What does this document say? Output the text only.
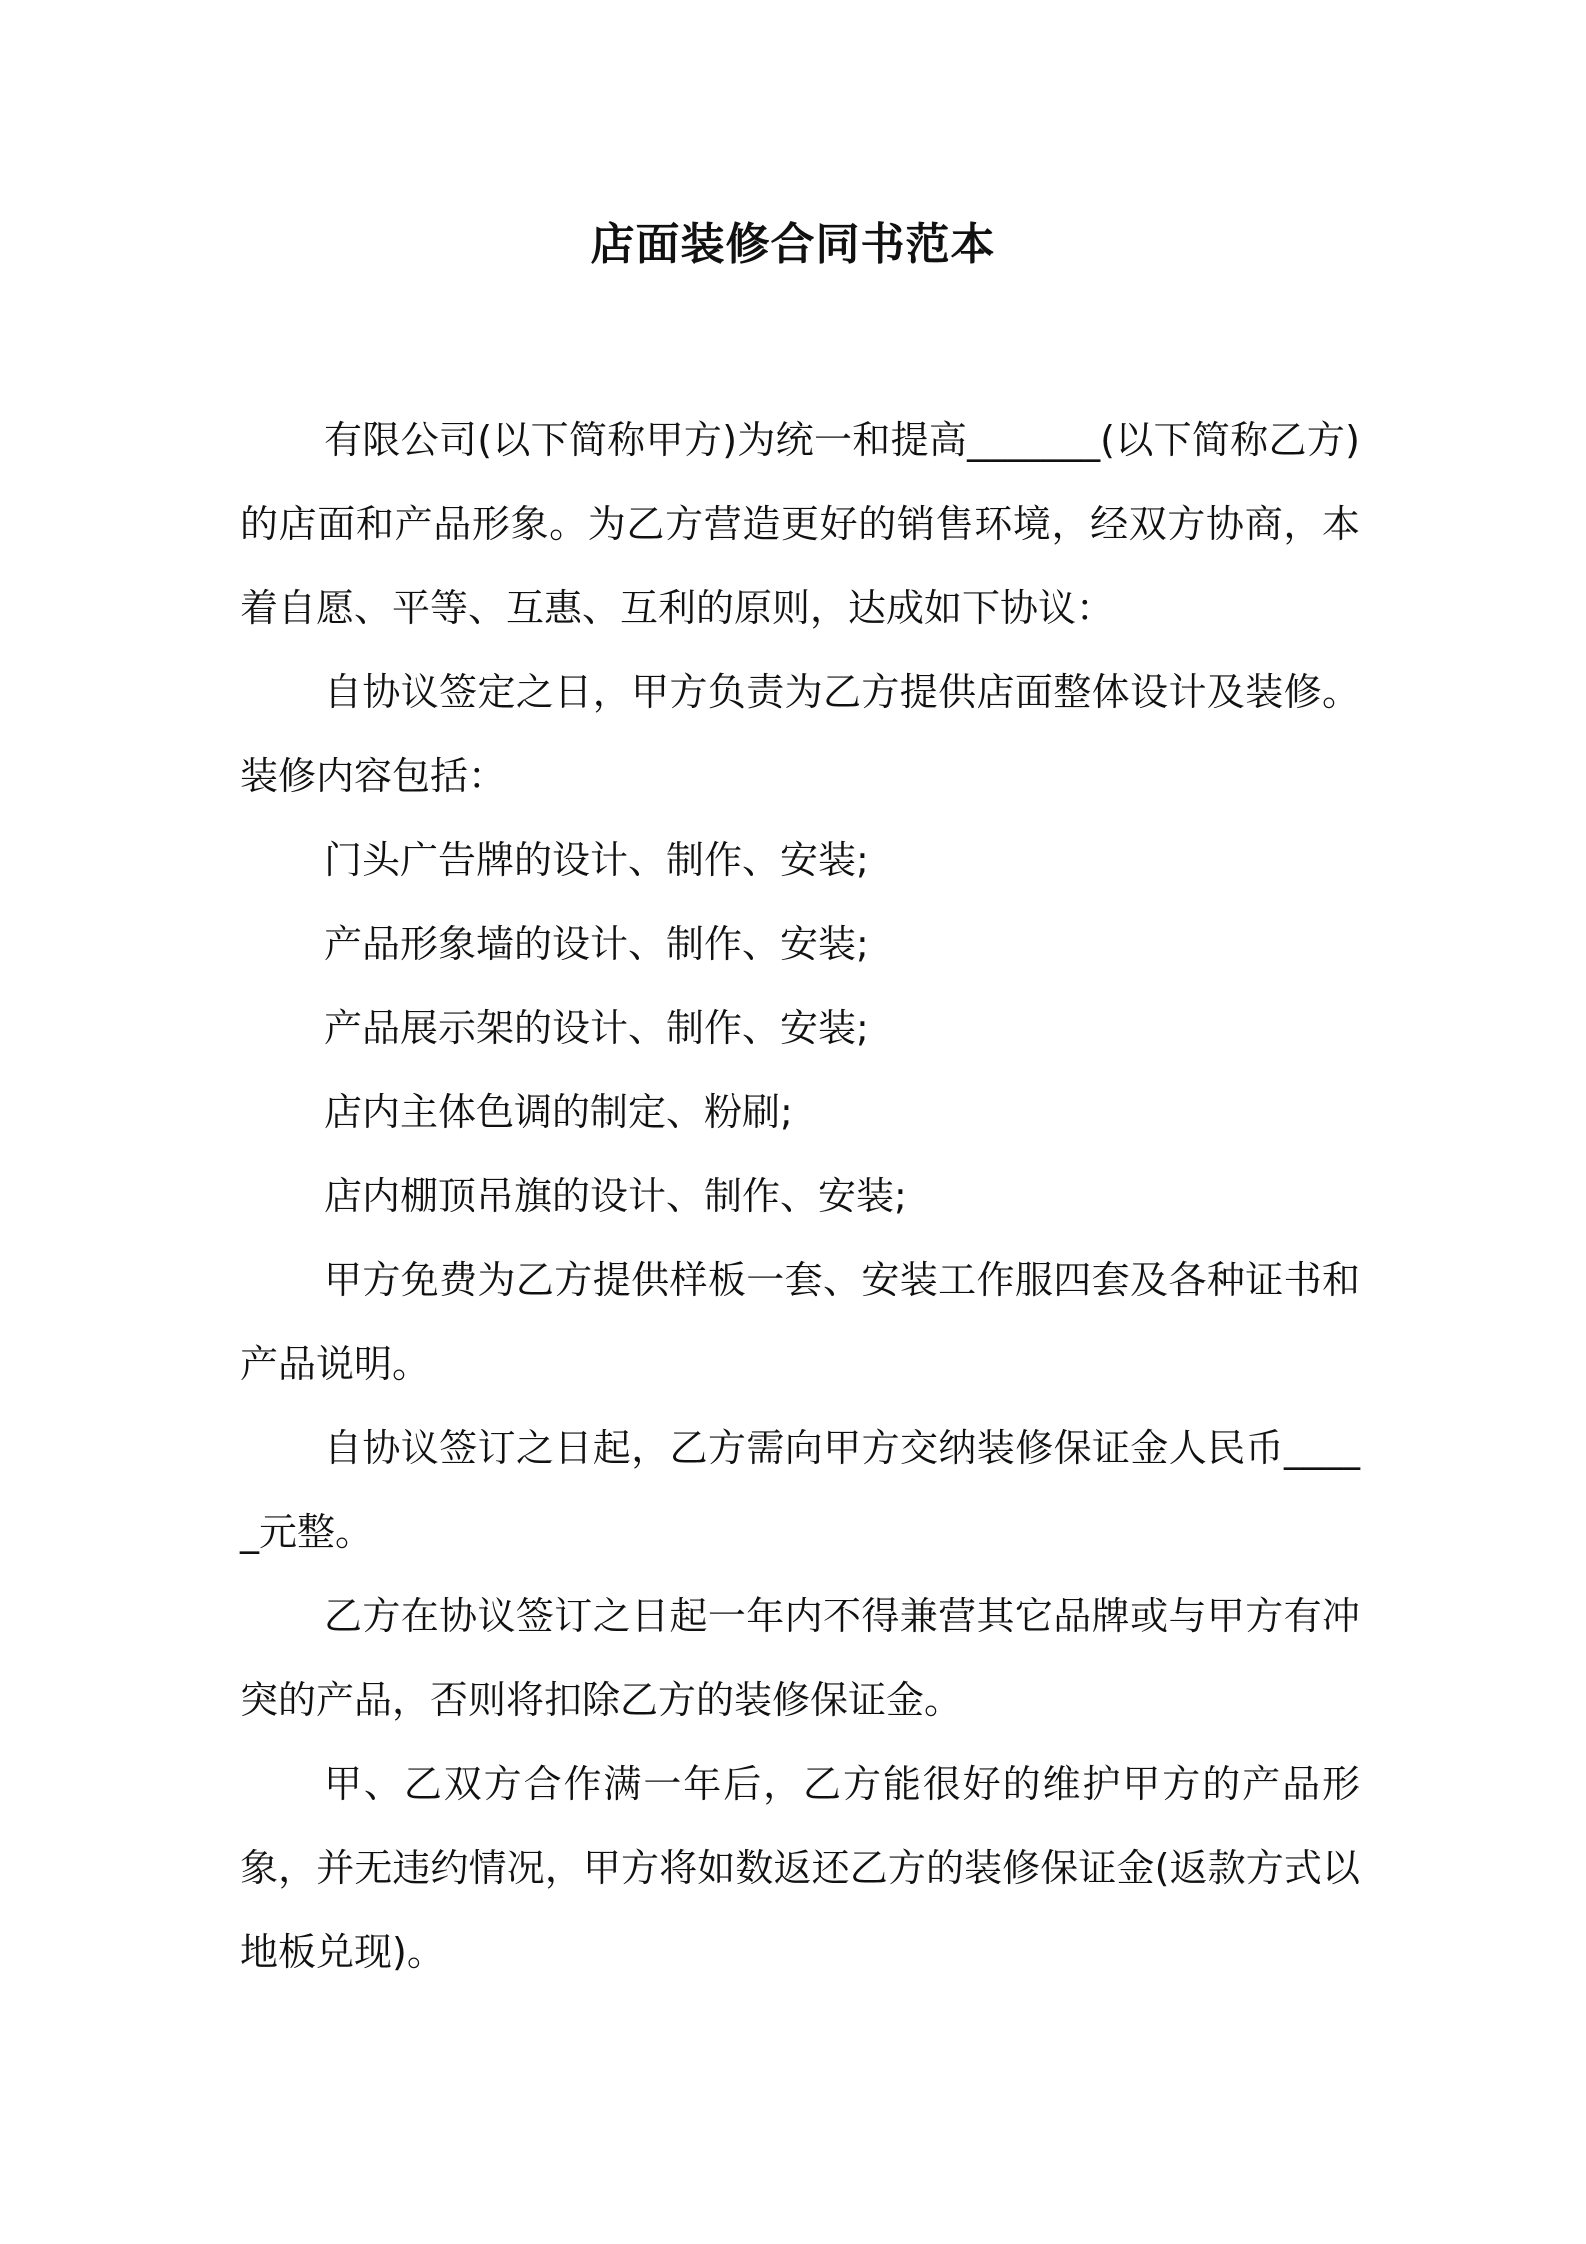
店面装修合同书范本

有限公司(以下简称甲方)为统一和提高_______(以下简称乙方)的店面和产品形象。为乙方营造更好的销售环境，经双方协商，本着自愿、平等、互惠、互利的原则，达成如下协议：

自协议签定之日，甲方负责为乙方提供店面整体设计及装修。装修内容包括：

门头广告牌的设计、制作、安装;

产品形象墙的设计、制作、安装;

产品展示架的设计、制作、安装;

店内主体色调的制定、粉刷;

店内棚顶吊旗的设计、制作、安装;

甲方免费为乙方提供样板一套、安装工作服四套及各种证书和产品说明。

自协议签订之日起，乙方需向甲方交纳装修保证金人民币_____元整。

乙方在协议签订之日起一年内不得兼营其它品牌或与甲方有冲突的产品，否则将扣除乙方的装修保证金。

甲、乙双方合作满一年后，乙方能很好的维护甲方的产品形象，并无违约情况，甲方将如数返还乙方的装修保证金(返款方式以地板兑现)。
